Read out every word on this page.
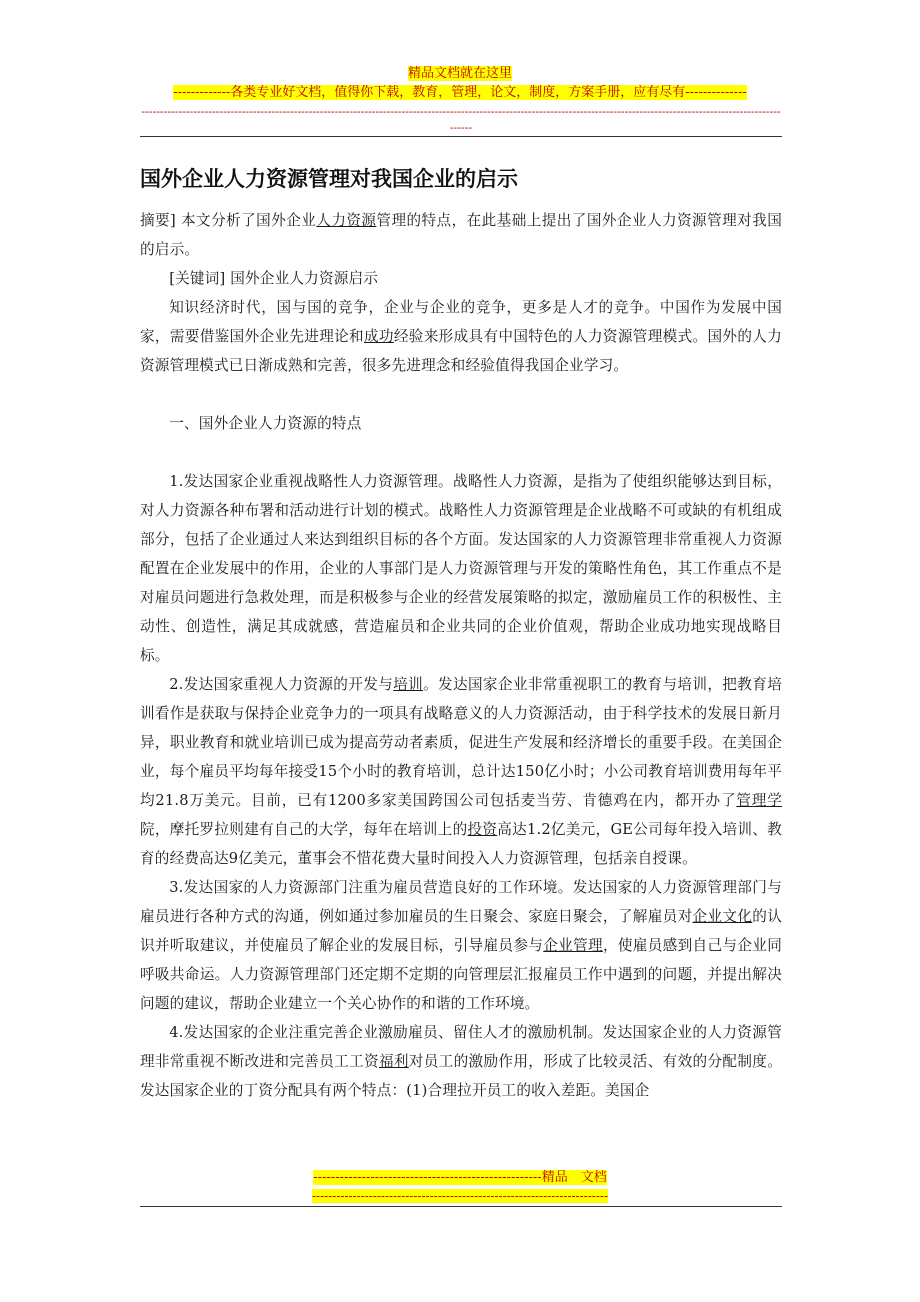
精品文档就在这里
-------------各类专业好文档，值得你下载，教育，管理，论文，制度，方案手册，应有尽有--------------
----------------------------------------------------------------------------------------------------------------------------------------------------------------------------------
国外企业人力资源管理对我国企业的启示

摘要] 本文分析了国外企业人力资源管理的特点，在此基础上提出了国外企业人力资源管理对我国的启示。

[关键词] 国外企业人力资源启示

知识经济时代，国与国的竞争，企业与企业的竞争，更多是人才的竞争。中国作为发展中国家，需要借鉴国外企业先进理论和成功经验来形成具有中国特色的人力资源管理模式。国外的人力资源管理模式已日渐成熟和完善，很多先进理念和经验值得我国企业学习。

一、国外企业人力资源的特点

1.发达国家企业重视战略性人力资源管理。战略性人力资源，是指为了使组织能够达到目标，对人力资源各种布署和活动进行计划的模式。战略性人力资源管理是企业战略不可或缺的有机组成部分，包括了企业通过人来达到组织目标的各个方面。发达国家的人力资源管理非常重视人力资源配置在企业发展中的作用，企业的人事部门是人力资源管理与开发的策略性角色，其工作重点不是对雇员问题进行急救处理，而是积极参与企业的经营发展策略的拟定，激励雇员工作的积极性、主动性、创造性，满足其成就感，营造雇员和企业共同的企业价值观，帮助企业成功地实现战略目标。

2.发达国家重视人力资源的开发与培训。发达国家企业非常重视职工的教育与培训，把教育培训看作是获取与保持企业竞争力的一项具有战略意义的人力资源活动，由于科学技术的发展日新月异，职业教育和就业培训已成为提高劳动者素质，促进生产发展和经济增长的重要手段。在美国企业，每个雇员平均每年接受15个小时的教育培训，总计达150亿小时；小公司教育培训费用每年平均21.8万美元。目前，已有1200多家美国跨国公司包括麦当劳、肯德鸡在内，都开办了管理学院，摩托罗拉则建有自己的大学，每年在培训上的投资高达1.2亿美元，GE公司每年投入培训、教育的经费高达9亿美元，董事会不惜花费大量时间投入人力资源管理，包括亲自授课。

3.发达国家的人力资源部门注重为雇员营造良好的工作环境。发达国家的人力资源管理部门与雇员进行各种方式的沟通，例如通过参加雇员的生日聚会、家庭日聚会，了解雇员对企业文化的认识并听取建议，并使雇员了解企业的发展目标，引导雇员参与企业管理，使雇员感到自己与企业同呼吸共命运。人力资源管理部门还定期不定期的向管理层汇报雇员工作中遇到的问题，并提出解决问题的建议，帮助企业建立一个关心协作的和谐的工作环境。

4.发达国家的企业注重完善企业激励雇员、留住人才的激励机制。发达国家企业的人力资源管理非常重视不断改进和完善员工工资福利对员工的激励作用，形成了比较灵活、有效的分配制度。发达国家企业的丁资分配具有两个特点：(1)合理拉开员工的收入差距。美国企

----------------------------------------------------精品　文档
-------------------------------------------------------------------------
